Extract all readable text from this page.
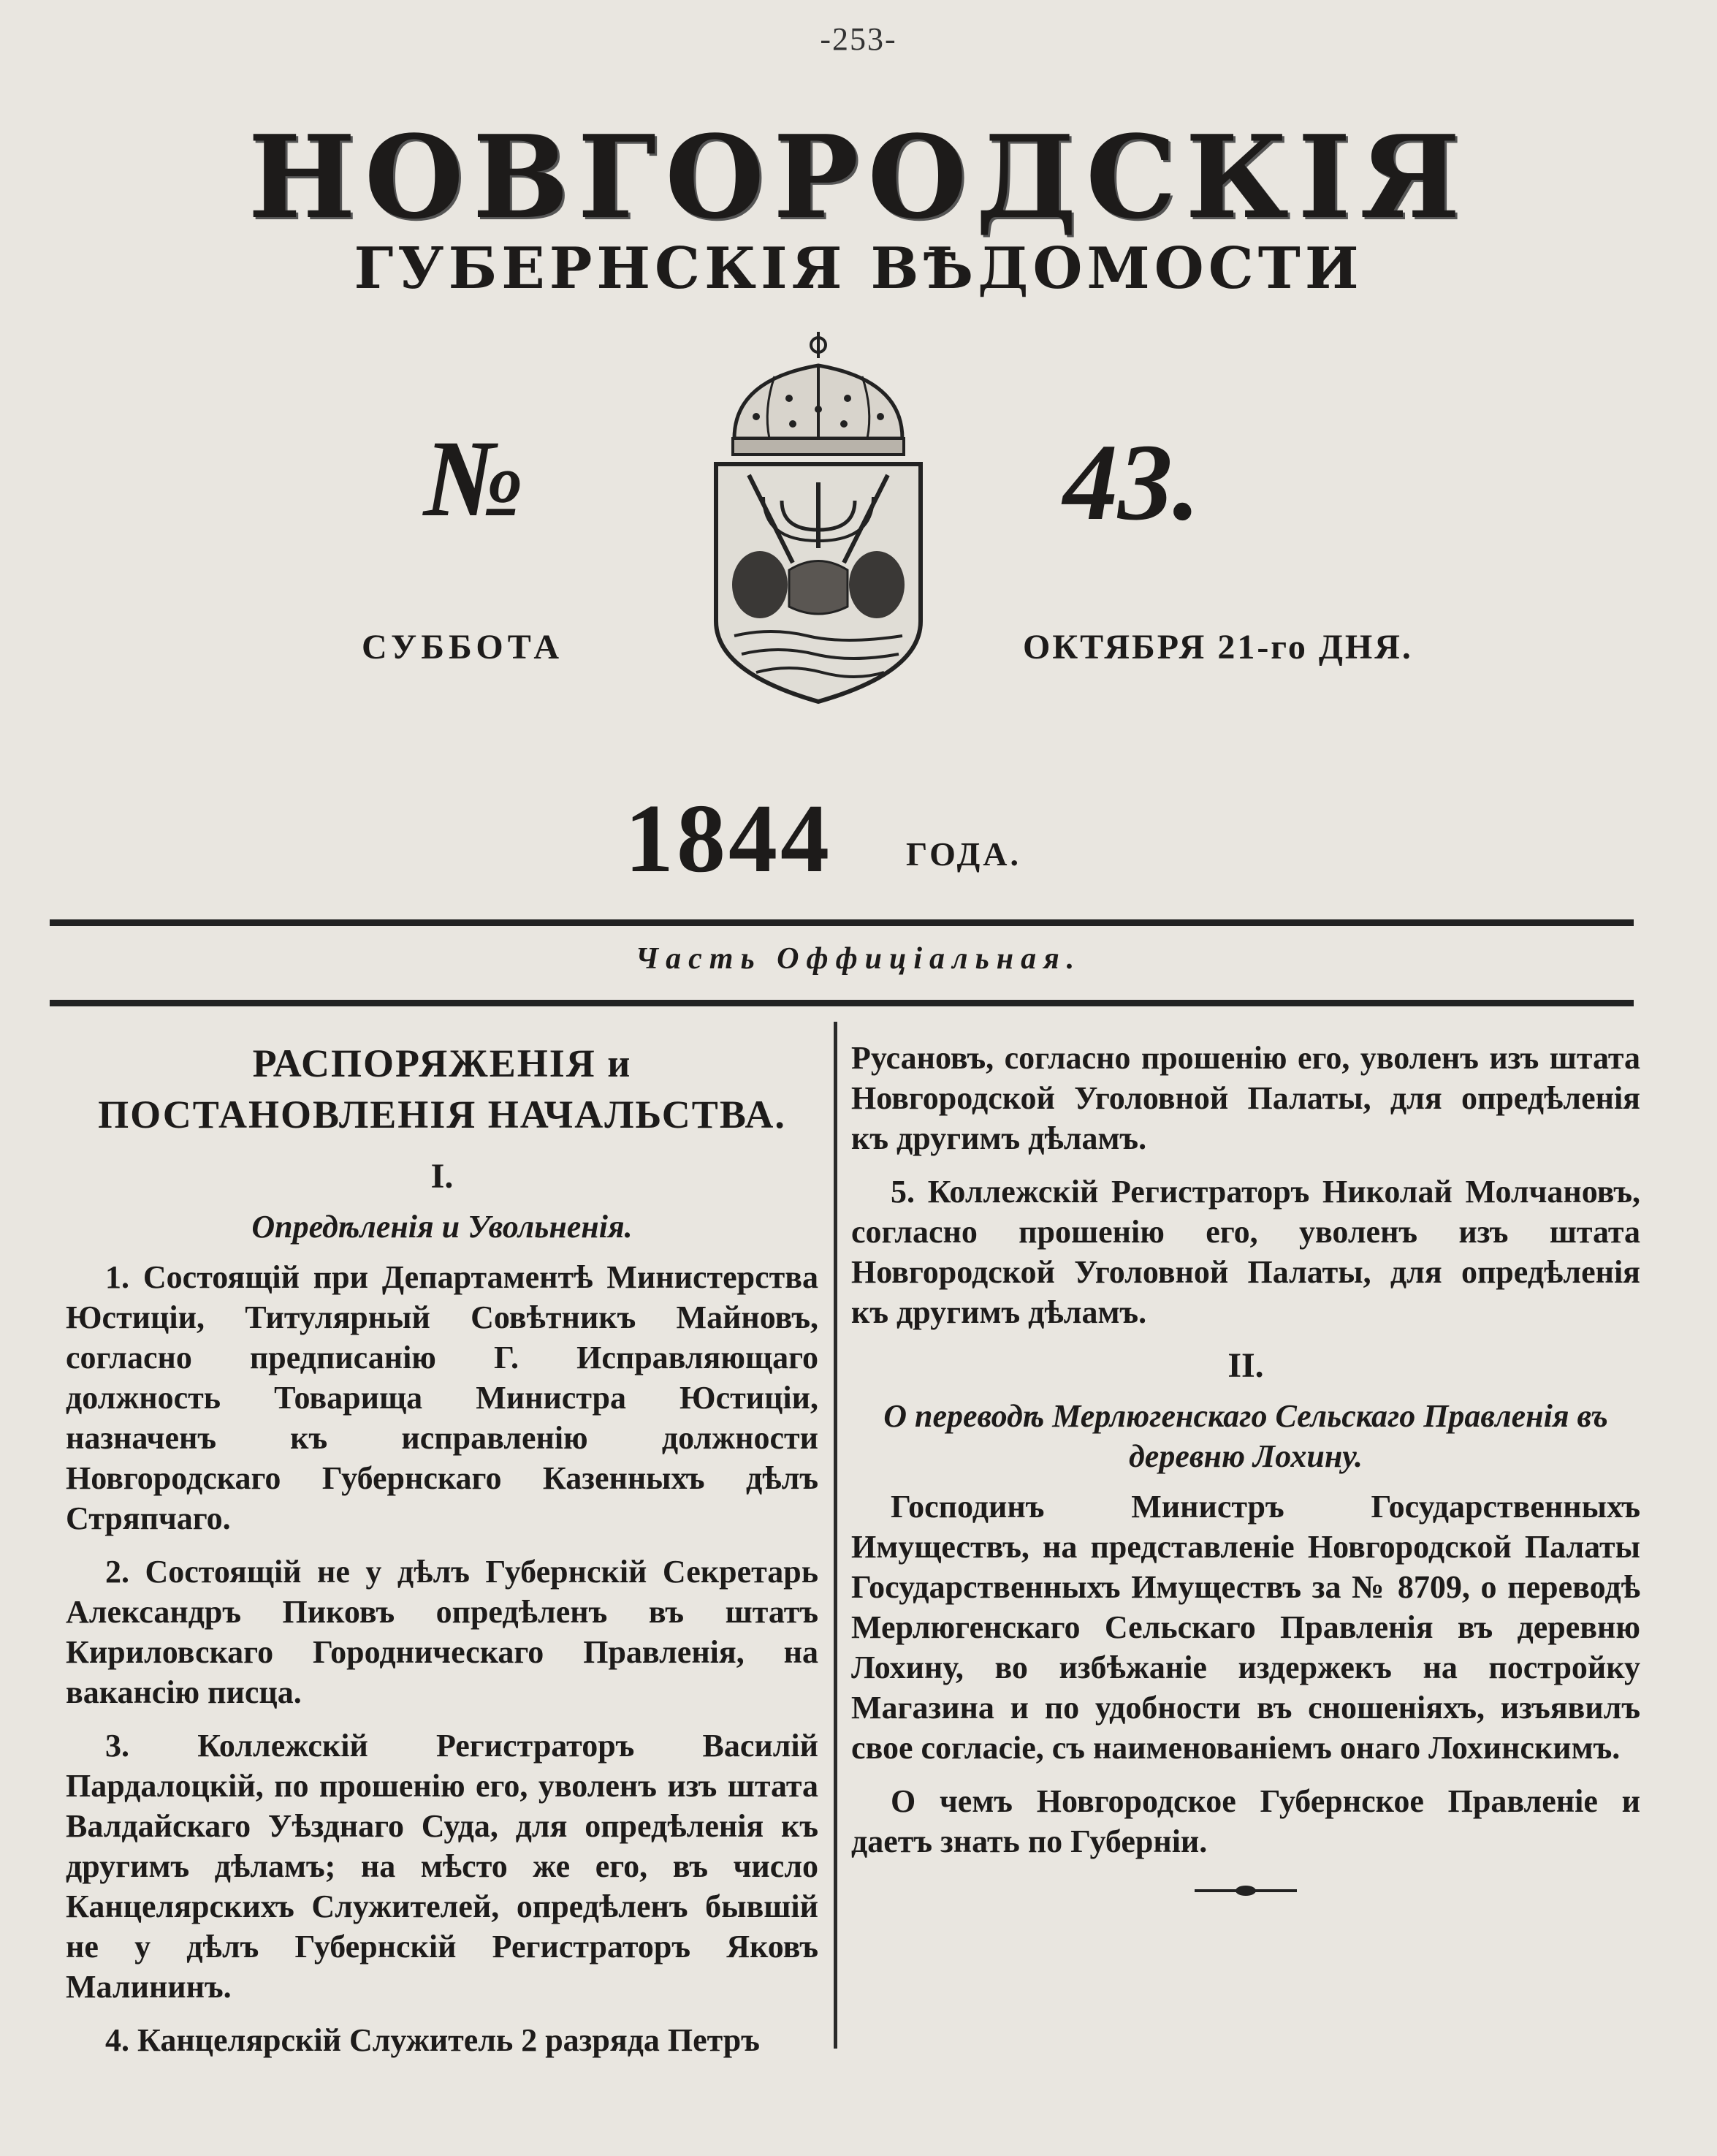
-253-
НОВГОРОДСКІЯ
ГУБЕРНСКІЯ ВѢДОМОСТИ
№	43.
СУББОТА	ОКТЯБРЯ 21-го ДНЯ.
1844 ГОДА.
Часть Оффиціальная.
РАСПОРЯЖЕНІЯ и ПОСТАНОВЛЕНІЯ НАЧАЛЬСТВА.
I.
Опредѣленія и Увольненія.

1. Состоящій при Департаментѣ Министерства Юстиціи, Титулярный Совѣтникъ Майновъ, согласно предписанію Г. Исправляющаго должность Товарища Министра Юстиціи, назначенъ къ исправленію должности Новгородскаго Губернскаго Казенныхъ дѣлъ Стряпчаго.

2. Состоящій не у дѣлъ Губернскій Секретарь Александръ Пиковъ опредѣленъ въ штатъ Кириловскаго Городническаго Правленія, на вакансію писца.

3. Коллежскій Регистраторъ Василій Пардалоцкій, по прошенію его, уволенъ изъ штата Валдайскаго Уѣзднаго Суда, для опредѣленія къ другимъ дѣламъ; на мѣсто же его, въ число Канцелярскихъ Служителей, опредѣленъ бывшій не у дѣлъ Губернскій Регистраторъ Яковъ Малининъ.

4. Канцелярскій Служитель 2 разряда Петръ

Русановъ, согласно прошенію его, уволенъ изъ штата Новгородской Уголовной Палаты, для опредѣленія къ другимъ дѣламъ.

5. Коллежскій Регистраторъ Николай Молчановъ, согласно прошенію его, уволенъ изъ штата Новгородской Уголовной Палаты, для опредѣленія къ другимъ дѣламъ.

II.
О переводѣ Мерлюгенскаго Сельскаго Правленія въ деревню Лохину.

Господинъ Министръ Государственныхъ Имуществъ, на представленіе Новгородской Палаты Государственныхъ Имуществъ за № 8709, о переводѣ Мерлюгенскаго Сельскаго Правленія въ деревню Лохину, во избѣжаніе издержекъ на постройку Магазина и по удобности въ сношеніяхъ, изъявилъ свое согласіе, съ наименованіемъ онаго Лохинскимъ.

О чемъ Новгородское Губернское Правленіе и даетъ знать по Губерніи.
